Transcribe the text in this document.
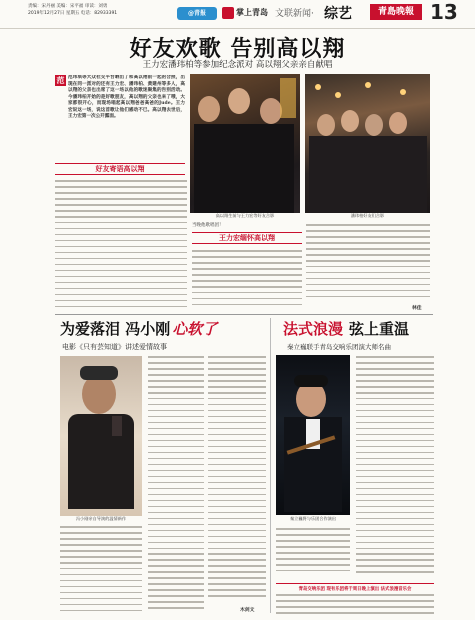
责编：宋丹丽 美编：宋平福 审读：刘勇
2019年12月27日 星期五 电话：82933391	@青报	掌上青岛 文联新闻· 综艺	青島晚報 13
好友欢歌 告别高以翔
王力宏潘玮柏等参加纪念派对 高以翔父亲亲自献唱
范 范玮琪等大众社交平台晒出了和高以翔前一起的合照，出现在同一派对的还有王力宏、潘玮柏、黄建州等多人，高以翔的父亲也出席了这一场以他的歌迷聚集的告别活动。今潘玮柏开始的是好歌朋友，高以翔的父亲也来了哦，大家都很开心，而现场唱起高以翔爸爸高爸的Jude。王力宏说这一场，说这首歌让他们感动不已。高以翔去世后，王力宏第一次公开露面。
高以翔生前与王力宏等好友合影	潘玮柏好友们合影
好友寄语高以翔
当晚他歌唱团！
王力宏缅怀高以翔
林佳
为爱落泪 冯小刚 心软了
电影《只有芸知道》讲述爱情故事
冯小刚亲自导演的温情新作
木剑文
法式浪漫 弦上重温
秦立巍联手青岛交响乐团演大师名曲
秦立巍将与乐团合作演出
青岛交响乐团 现有乐团将于周日晚上演出 法式浪漫音乐会
